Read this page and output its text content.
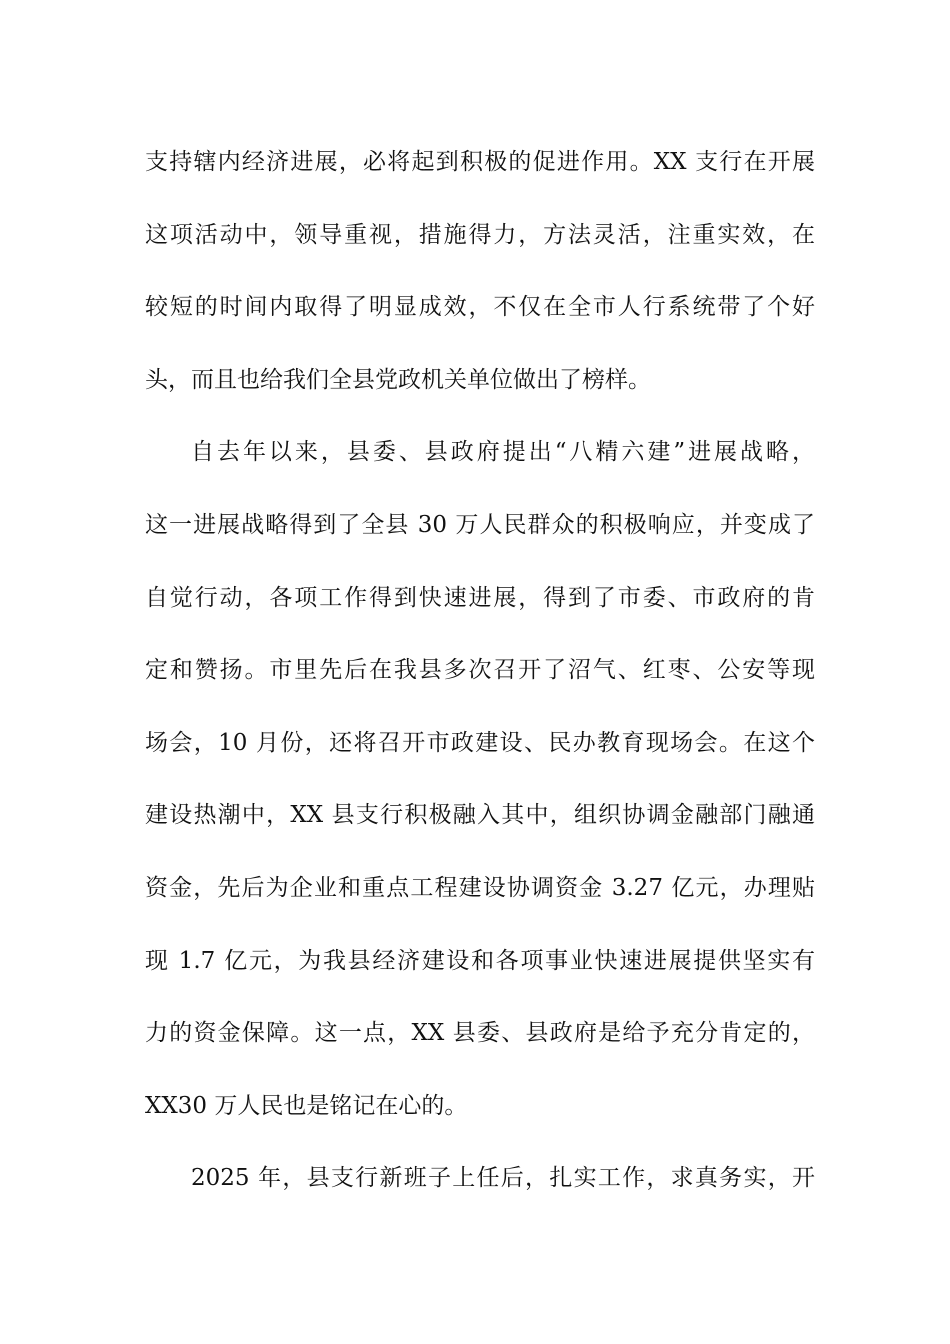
支持辖内经济进展，必将起到积极的促进作用。XX 支行在开展
这项活动中，领导重视，措施得力，方法灵活，注重实效，在
较短的时间内取得了明显成效，不仅在全市人行系统带了个好
头，而且也给我们全县党政机关单位做出了榜样。
自去年以来，县委、县政府提出“八精六建”进展战略，
这一进展战略得到了全县 30 万人民群众的积极响应，并变成了
自觉行动，各项工作得到快速进展，得到了市委、市政府的肯
定和赞扬。市里先后在我县多次召开了沼气、红枣、公安等现
场会，10 月份，还将召开市政建设、民办教育现场会。在这个
建设热潮中，XX 县支行积极融入其中，组织协调金融部门融通
资金，先后为企业和重点工程建设协调资金 3.27 亿元，办理贴
现 1.7 亿元，为我县经济建设和各项事业快速进展提供坚实有
力的资金保障。这一点，XX 县委、县政府是给予充分肯定的，
XX30 万人民也是铭记在心的。
2025 年，县支行新班子上任后，扎实工作，求真务实，开
